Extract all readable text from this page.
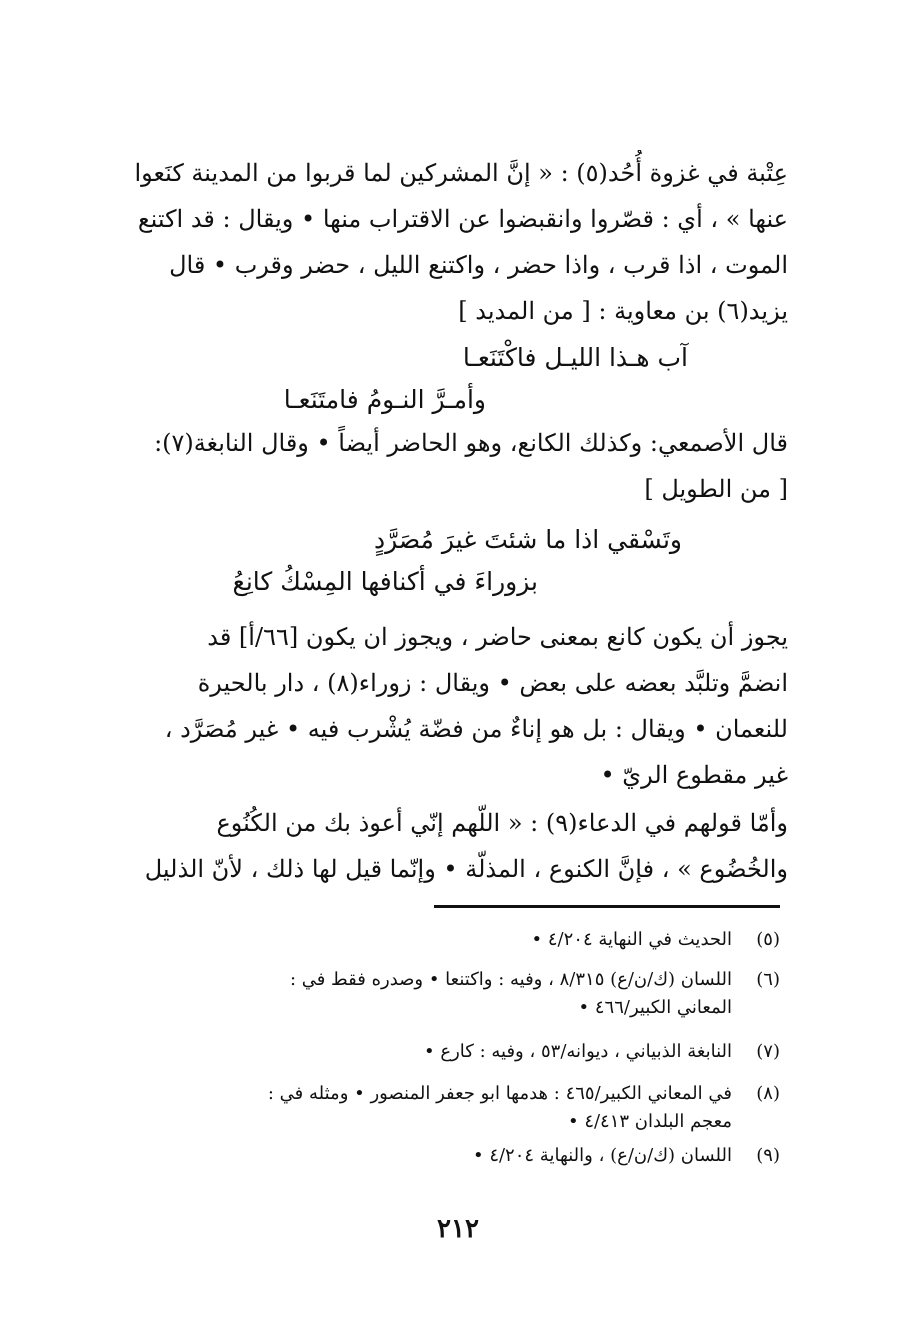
عِتْبة في غزوة أُحُد(٥) : « إنَّ المشركين لما قربوا من المدينة كنَعوا
عنها » ، أي : قصّروا وانقبضوا عن الاقتراب منها • ويقال : قد اكتنع
الموت ، اذا قرب ، واذا حضر ، واكتنع الليل ، حضر وقرب • قال
يزيد(٦) بن معاوية : [ من المديد ]
آب هـذا الليـل فاكْتَنَعـا
وأمـرَّ النـومُ فامتَنَعـا
قال الأصمعي: وكذلك الكانع، وهو الحاضر أيضاً • وقال النابغة(٧):
[ من الطويل ]
وتَسْقي اذا ما شئتَ غيرَ مُصَرَّدٍ
بزوراءَ في أكنافها المِسْكُ كانِعُ
يجوز أن يكون كانع بمعنى حاضر ، ويجوز ان يكون [٦٦/أ] قد
انضمَّ وتلبَّد بعضه على بعض • ويقال : زوراء(٨) ، دار بالحيرة
للنعمان • ويقال : بل هو إناءٌ من فضّة يُشْرب فيه • غير مُصَرَّد ،
غير مقطوع الريّ •
وأمّا قولهم في الدعاء(٩) : « اللّهم إنّي أعوذ بك من الكُنُوع
والخُضُوع » ، فإنَّ الكنوع ، المذلّة • وإنّما قيل لها ذلك ، لأنّ الذليل
(٥)
الحديث في النهاية ٤/٢٠٤ •
(٦)
اللسان (ك/ن/ع) ٨/٣١٥ ، وفيه : واكتنعا • وصدره فقط في :
المعاني الكبير/٤٦٦ •
(٧)
النابغة الذبياني ، ديوانه/٥٣ ، وفيه : كارع •
(٨)
في المعاني الكبير/٤٦٥ : هدمها ابو جعفر المنصور • ومثله في :
معجم البلدان ٤/٤١٣ •
(٩)
اللسان (ك/ن/ع) ، والنهاية ٤/٢٠٤ •
٢١٢
